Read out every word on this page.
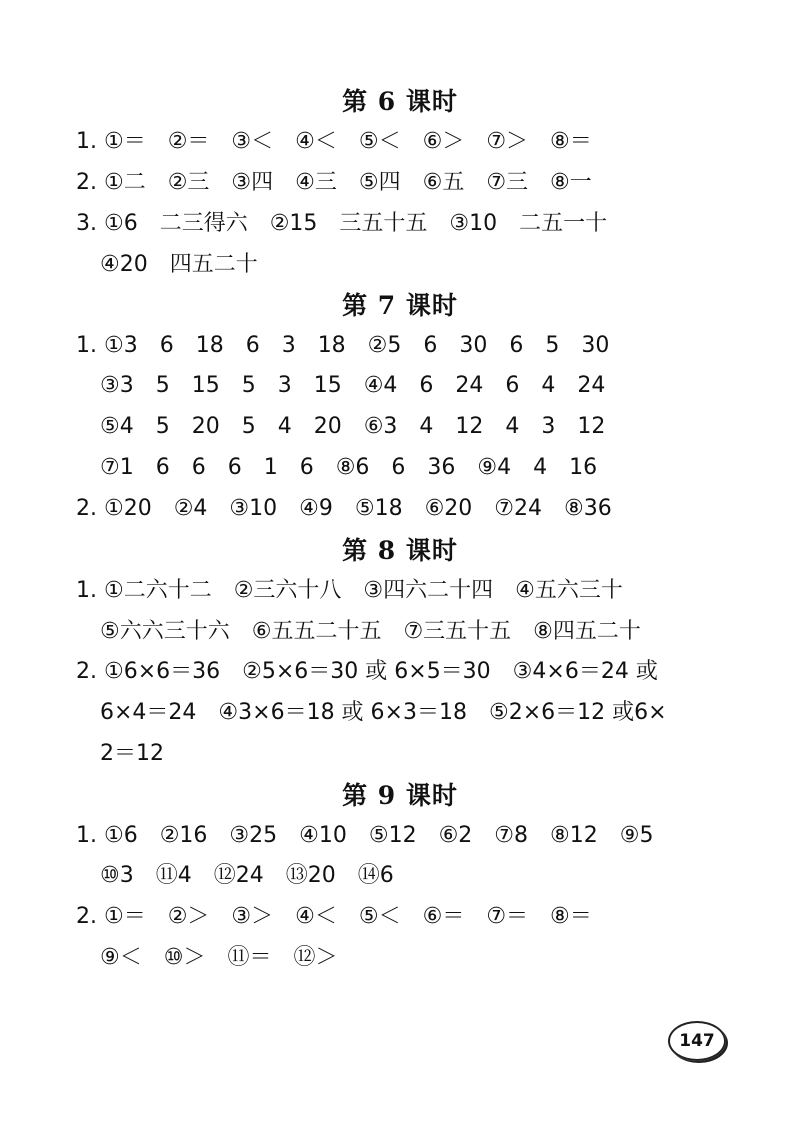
第 6 课时
1. ①＝　②＝　③＜　④＜　⑤＜　⑥＞　⑦＞　⑧＝
2. ①二　②三　③四　④三　⑤四　⑥五　⑦三　⑧一
3. ①6　二三得六　②15　三五十五　③10　二五一十
④20　四五二十
第 7 课时
1. ①3　6　18　6　3　18　②5　6　30　6　5　30
③3　5　15　5　3　15　④4　6　24　6　4　24
⑤4　5　20　5　4　20　⑥3　4　12　4　3　12
⑦1　6　6　6　1　6　⑧6　6　36　⑨4　4　16
2. ①20　②4　③10　④9　⑤18　⑥20　⑦24　⑧36
第 8 课时
1. ①二六十二　②三六十八　③四六二十四　④五六三十
⑤六六三十六　⑥五五二十五　⑦三五十五　⑧四五二十
2. ①6×6＝36　②5×6＝30 或 6×5＝30　③4×6＝24 或
6×4＝24　④3×6＝18 或 6×3＝18　⑤2×6＝12 或6×
2＝12
第 9 课时
1. ①6　②16　③25　④10　⑤12　⑥2　⑦8　⑧12　⑨5
⑩3　⑪4　⑫24　⑬20　⑭6
2. ①＝　②＞　③＞　④＜　⑤＜　⑥＝　⑦＝　⑧＝
⑨＜　⑩＞　⑪＝　⑫＞
147
